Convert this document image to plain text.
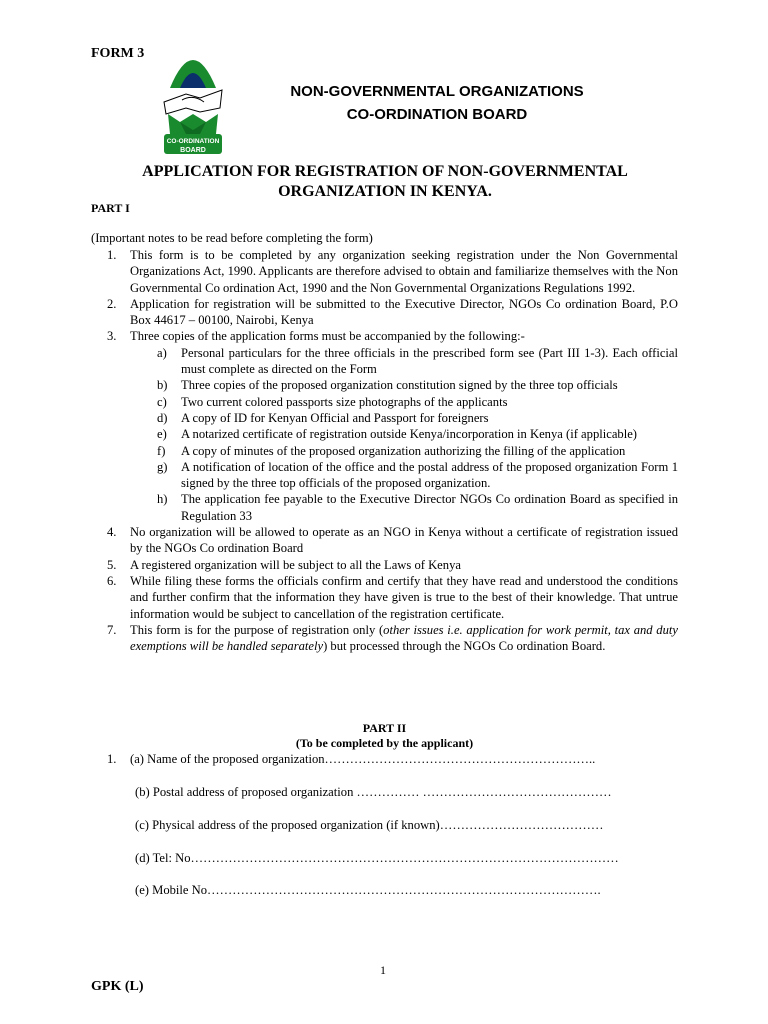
FORM 3	NGOs
CO-ORDINATION
BOARD
NON-GOVERNMENTAL ORGANIZATIONS
CO-ORDINATION BOARD
APPLICATION FOR REGISTRATION OF NON-GOVERNMENTAL
ORGANIZATION IN KENYA.
PART I
(Important notes to be read before completing the form)
1. This form is to be completed by any organization seeking registration under the Non Governmental Organizations Act, 1990. Applicants are therefore advised to obtain and familiarize themselves with the Non Governmental Co ordination Act, 1990 and the Non Governmental Organizations Regulations 1992.
2. Application for registration will be submitted to the Executive Director, NGOs Co ordination Board, P.O Box 44617 – 00100, Nairobi, Kenya
3. Three copies of the application forms must be accompanied by the following:-
a) Personal particulars for the three officials in the prescribed form see (Part III 1-3). Each official must complete as directed on the Form
b) Three copies of the proposed organization constitution signed by the three top officials
c) Two current colored passports size photographs of the applicants
d) A copy of ID for Kenyan Official and Passport for foreigners
e) A notarized certificate of registration outside Kenya/incorporation in Kenya (if applicable)
f) A copy of minutes of the proposed organization authorizing the filling of the application
g) A notification of location of the office and the postal address of the proposed organization Form 1 signed by the three top officials of the proposed organization.
h) The application fee payable to the Executive Director NGOs Co ordination Board as specified in Regulation 33
4. No organization will be allowed to operate as an NGO in Kenya without a certificate of registration issued by the NGOs Co ordination Board
5. A registered organization will be subject to all the Laws of Kenya
6. While filing these forms the officials confirm and certify that they have read and understood the conditions and further confirm that the information they have given is true to the best of their knowledge. That untrue information would be subject to cancellation of the registration certificate.
7. This form is for the purpose of registration only (other issues i.e. application for work permit, tax and duty exemptions will be handled separately) but processed through the NGOs Co ordination Board.
PART II
(To be completed by the applicant)
1. (a) Name of the proposed organization………………………………………………………..
(b) Postal address of proposed organization …………… ………………………………………
(c) Physical address of the proposed organization (if known)…………………………………
(d) Tel: No…………………………………………………………………………………………
(e) Mobile No………………………………………………………………………………….
1
GPK (L)
